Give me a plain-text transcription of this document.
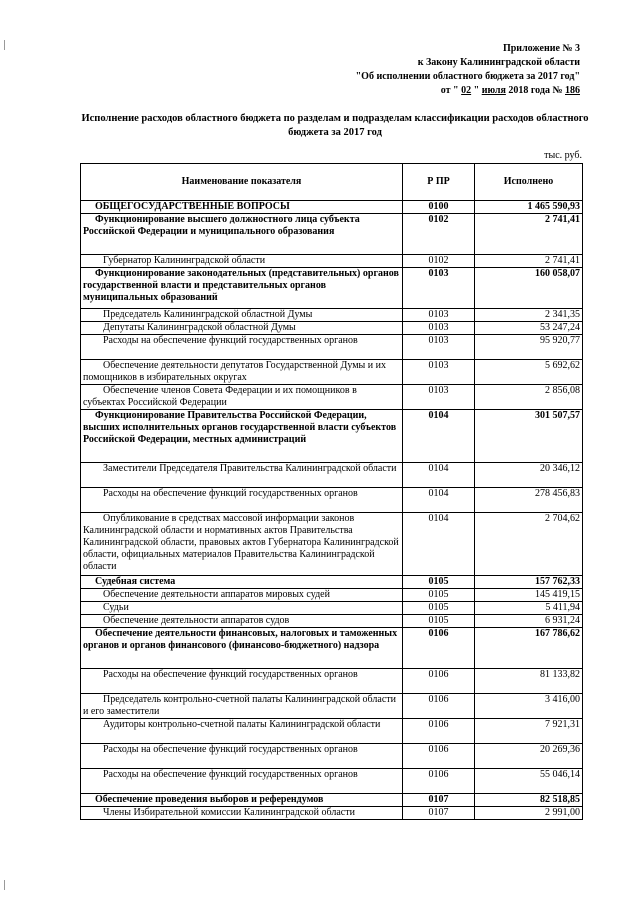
Приложение № 3
к Закону Калининградской области
"Об исполнении областного бюджета за 2017 год"
от " 02 " июля 2018 года № 186
Исполнение расходов областного бюджета по разделам и подразделам классификации расходов областного бюджета за 2017 год
тыс. руб.
Наименование показателя	Р ПР	Исполнено
ОБЩЕГОСУДАРСТВЕННЫЕ ВОПРОСЫ	0100	1 465 590,93
Функционирование высшего должностного лица субъекта Российской Федерации и муниципального образования	0102	2 741,41
Губернатор Калининградской области	0102	2 741,41
Функционирование законодательных (представительных) органов государственной власти и представительных органов муниципальных образований	0103	160 058,07
Председатель Калининградской областной Думы	0103	2 341,35
Депутаты Калининградской областной Думы	0103	53 247,24
Расходы на обеспечение функций государственных органов	0103	95 920,77
Обеспечение деятельности депутатов Государственной Думы и их помощников в избирательных округах	0103	5 692,62
Обеспечение членов Совета Федерации и их помощников в субъектах Российской Федерации	0103	2 856,08
Функционирование Правительства Российской Федерации, высших исполнительных органов государственной власти субъектов Российской Федерации, местных администраций	0104	301 507,57
Заместители Председателя Правительства Калининградской области	0104	20 346,12
Расходы на обеспечение функций государственных органов	0104	278 456,83
Опубликование в средствах массовой информации законов Калининградской области и нормативных актов Правительства Калининградской области, правовых актов Губернатора Калининградской области, официальных материалов Правительства Калининградской области	0104	2 704,62
Судебная система	0105	157 762,33
Обеспечение деятельности аппаратов мировых судей	0105	145 419,15
Судьи	0105	5 411,94
Обеспечение деятельности аппаратов судов	0105	6 931,24
Обеспечение деятельности финансовых, налоговых и таможенных органов и органов финансового (финансово-бюджетного) надзора	0106	167 786,62
Расходы на обеспечение функций государственных органов	0106	81 133,82
Председатель контрольно-счетной палаты Калининградской области и его заместители	0106	3 416,00
Аудиторы контрольно-счетной палаты Калининградской области	0106	7 921,31
Расходы на обеспечение функций государственных органов	0106	20 269,36
Расходы на обеспечение функций государственных органов	0106	55 046,14
Обеспечение проведения выборов и референдумов	0107	82 518,85
Члены Избирательной комиссии Калининградской области	0107	2 991,00
